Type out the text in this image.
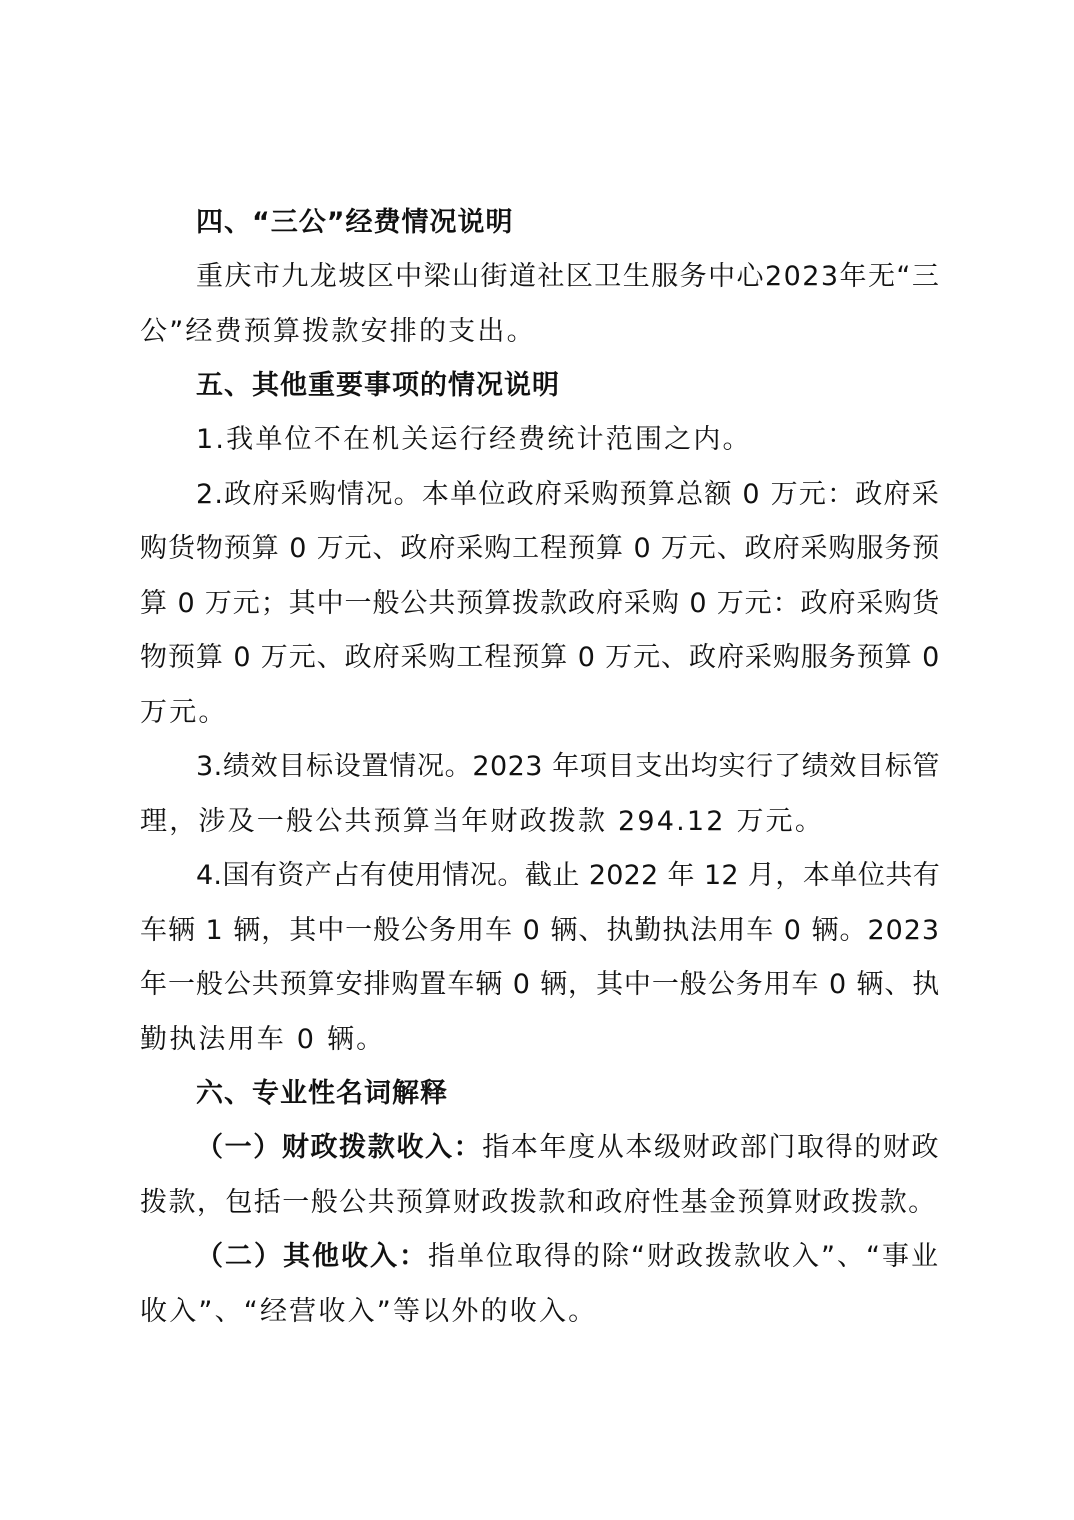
四、“三公”经费情况说明

重庆市九龙坡区中梁山街道社区卫生服务中心2023年无“三
公”经费预算拨款安排的支出。

五、其他重要事项的情况说明

1.我单位不在机关运行经费统计范围之内。

2.政府采购情况。本单位政府采购预算总额 0 万元：政府采
购货物预算 0 万元、政府采购工程预算 0 万元、政府采购服务预
算 0 万元；其中一般公共预算拨款政府采购 0 万元：政府采购货
物预算 0 万元、政府采购工程预算 0 万元、政府采购服务预算 0
万元。

3.绩效目标设置情况。2023 年项目支出均实行了绩效目标管
理，涉及一般公共预算当年财政拨款 294.12 万元。

4.国有资产占有使用情况。截止 2022 年 12 月，本单位共有
车辆 1 辆，其中一般公务用车 0 辆、执勤执法用车 0 辆。2023
年一般公共预算安排购置车辆 0 辆，其中一般公务用车 0 辆、执
勤执法用车 0 辆。

六、专业性名词解释

（一）财政拨款收入：指本年度从本级财政部门取得的财政
拨款，包括一般公共预算财政拨款和政府性基金预算财政拨款。

（二）其他收入：指单位取得的除“财政拨款收入”、“事业
收入”、“经营收入”等以外的收入。
